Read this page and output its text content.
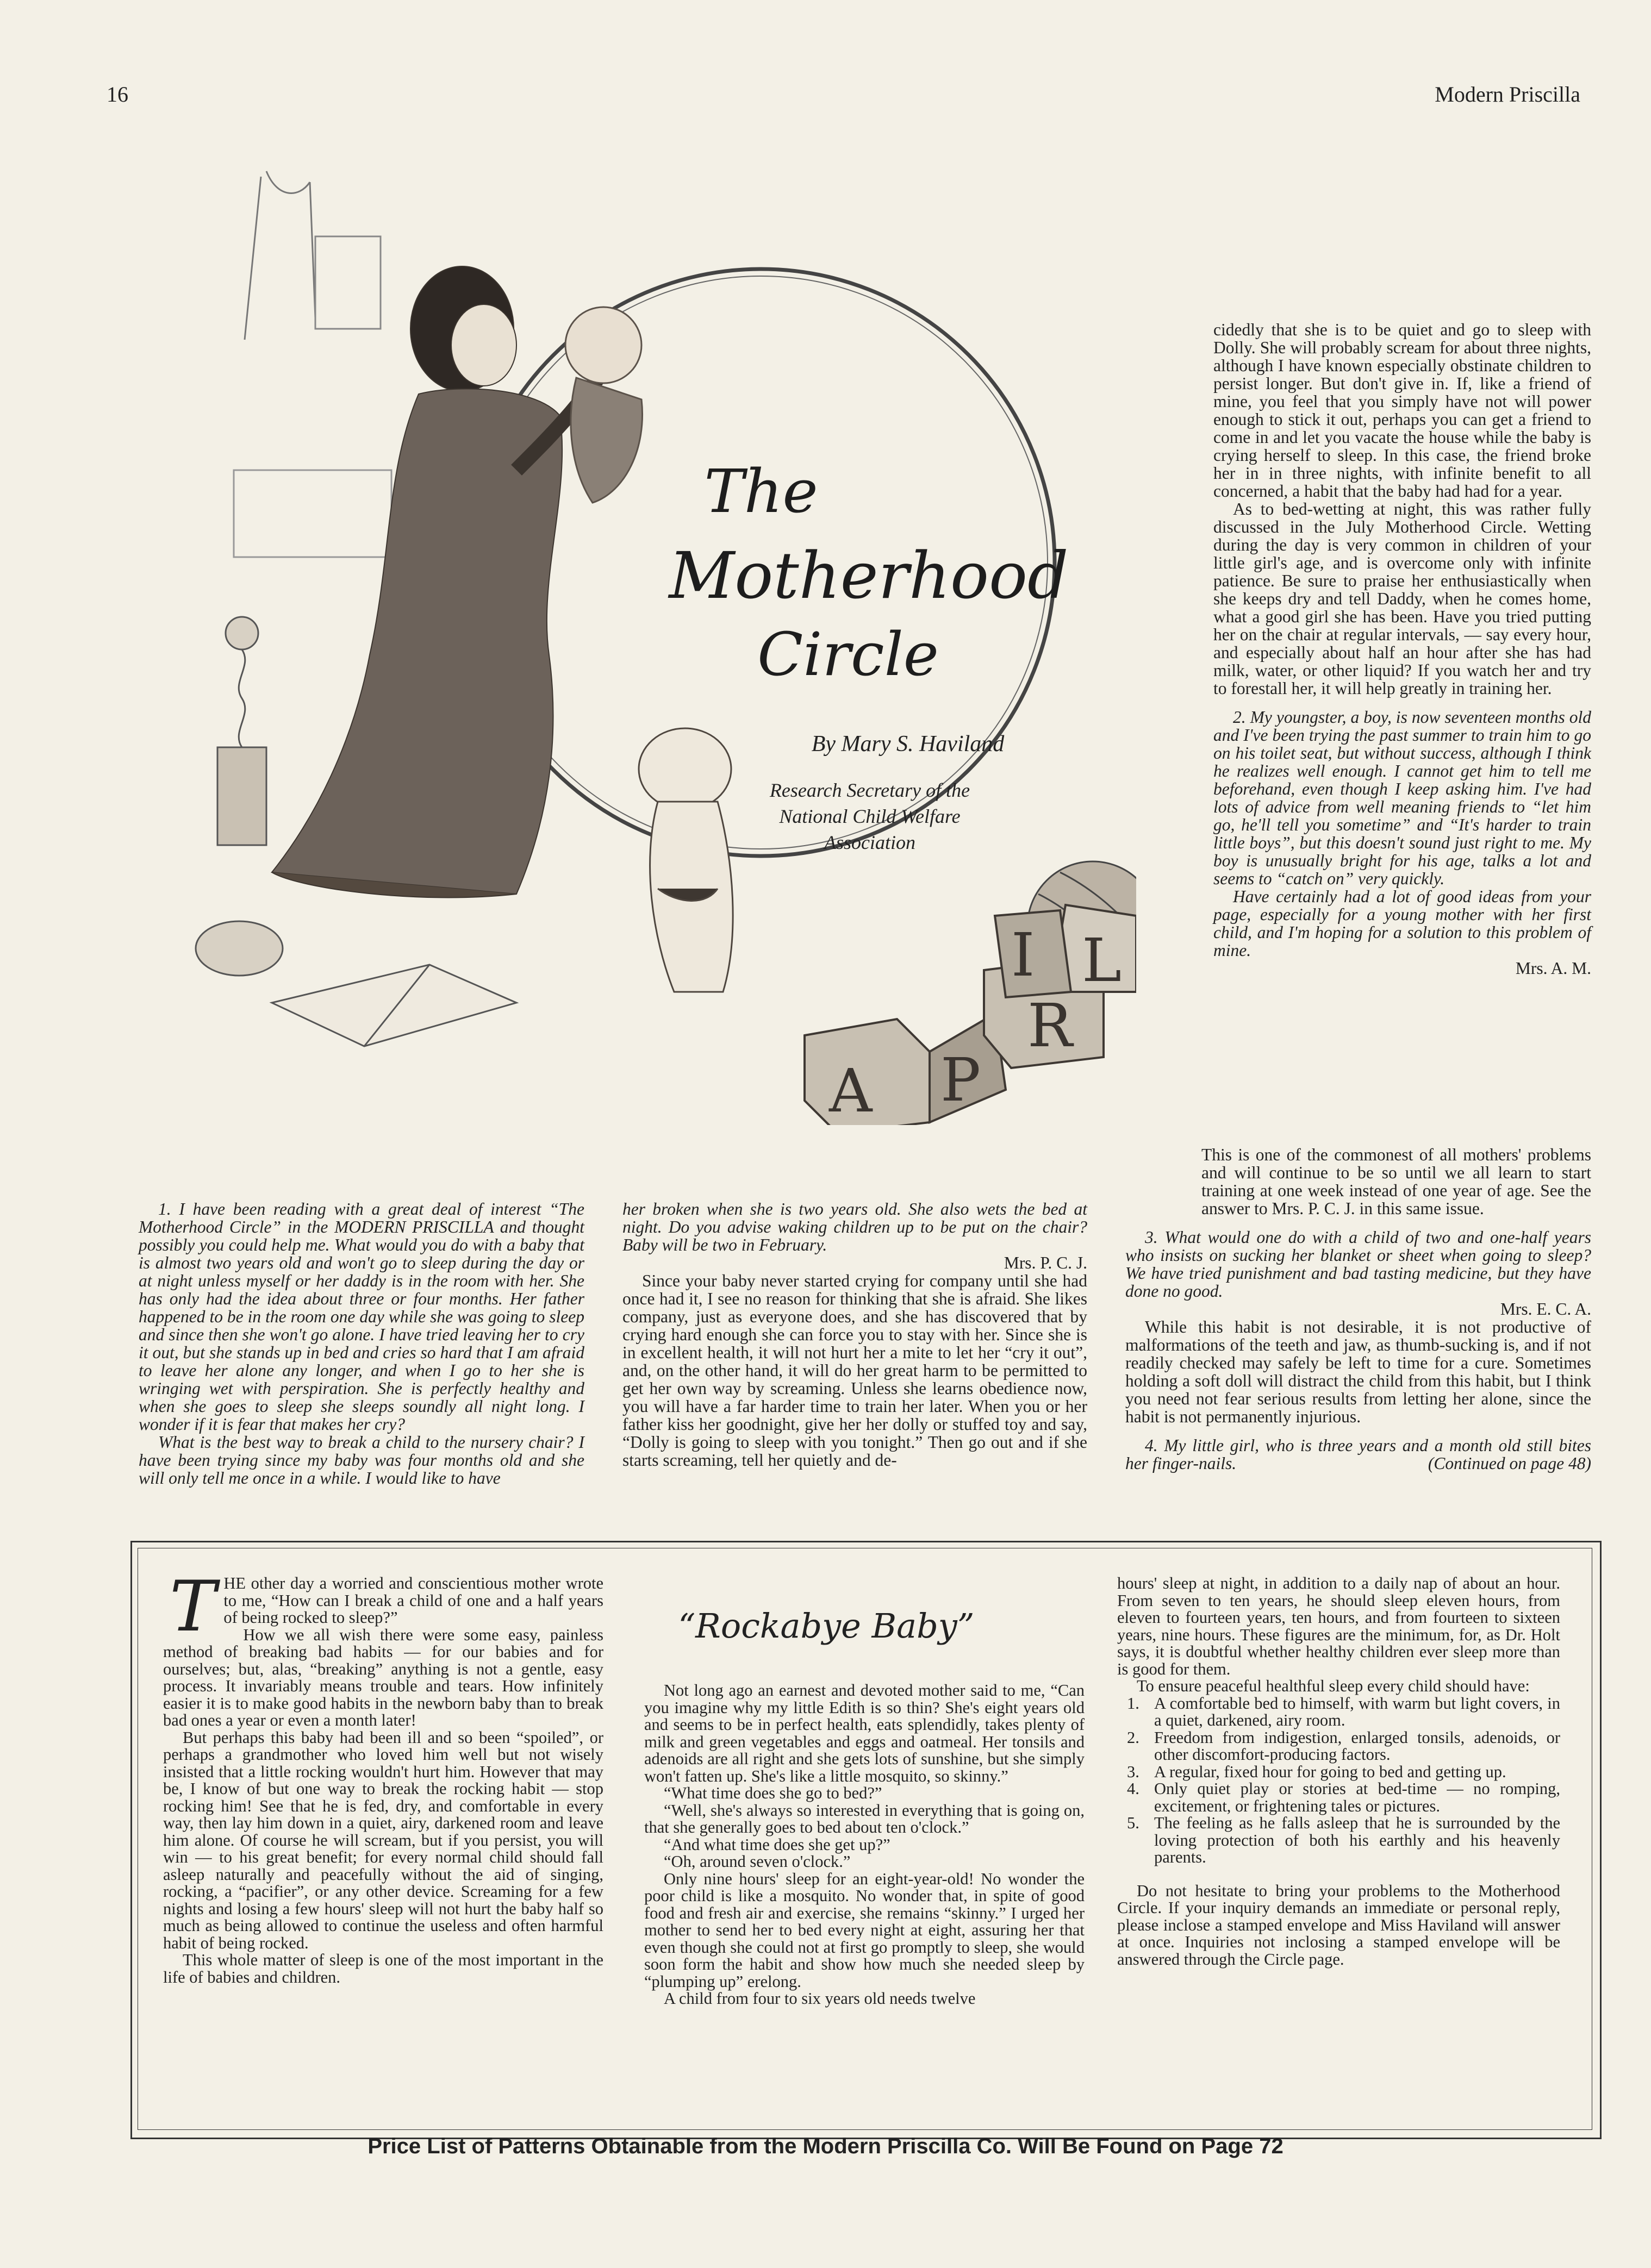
16	Modern Priscilla
A P
R
I L
The
Motherhood
Circle
By Mary S. Haviland
Research Secretary of the
National Child Welfare
Association

cidedly that she is to be quiet and go to sleep with Dolly. She will probably scream for about three nights, although I have known especially obstinate children to persist longer. But don't give in. If, like a friend of mine, you feel that you simply have not will power enough to stick it out, perhaps you can get a friend to come in and let you vacate the house while the baby is crying herself to sleep. In this case, the friend broke her in in three nights, with infinite benefit to all concerned, a habit that the baby had had for a year.

As to bed-wetting at night, this was rather fully discussed in the July Motherhood Circle. Wetting during the day is very common in children of your little girl's age, and is overcome only with infinite patience. Be sure to praise her enthusiastically when she keeps dry and tell Daddy, when he comes home, what a good girl she has been. Have you tried putting her on the chair at regular intervals, — say every hour, and especially about half an hour after she has had milk, water, or other liquid? If you watch her and try to forestall her, it will help greatly in training her.

2. My youngster, a boy, is now seventeen months old and I've been trying the past summer to train him to go on his toilet seat, but without success, although I think he realizes well enough. I cannot get him to tell me beforehand, even though I keep asking him. I've had lots of advice from well meaning friends to “let him go, he'll tell you sometime” and “It's harder to train little boys”, but this doesn't sound just right to me. My boy is unusually bright for his age, talks a lot and seems to “catch on” very quickly.

Have certainly had a lot of good ideas from your page, especially for a young mother with her first child, and I'm hoping for a solution to this problem of mine.

Mrs. A. M.

This is one of the commonest of all mothers' problems and will continue to be so until we all learn to start training at one week instead of one year of age. See the answer to Mrs. P. C. J. in this same issue.

3. What would one do with a child of two and one-half years who insists on sucking her blanket or sheet when going to sleep? We have tried punishment and bad tasting medicine, but they have done no good.

Mrs. E. C. A.

While this habit is not desirable, it is not productive of malformations of the teeth and jaw, as thumb-sucking is, and if not readily checked may safely be left to time for a cure. Sometimes holding a soft doll will distract the child from this habit, but I think you need not fear serious results from letting her alone, since the habit is not permanently injurious.

4. My little girl, who is three years and a month old still bites her finger-nails.	(Continued on page 48)

1. I have been reading with a great deal of interest “The Motherhood Circle” in the MODERN PRISCILLA and thought possibly you could help me. What would you do with a baby that is almost two years old and won't go to sleep during the day or at night unless myself or her daddy is in the room with her. She has only had the idea about three or four months. Her father happened to be in the room one day while she was going to sleep and since then she won't go alone. I have tried leaving her to cry it out, but she stands up in bed and cries so hard that I am afraid to leave her alone any longer, and when I go to her she is wringing wet with perspiration. She is perfectly healthy and when she goes to sleep she sleeps soundly all night long. I wonder if it is fear that makes her cry?

What is the best way to break a child to the nursery chair? I have been trying since my baby was four months old and she will only tell me once in a while. I would like to have

her broken when she is two years old. She also wets the bed at night. Do you advise waking children up to be put on the chair? Baby will be two in February.

Mrs. P. C. J.

Since your baby never started crying for company until she had once had it, I see no reason for thinking that she is afraid. She likes company, just as everyone does, and she has discovered that by crying hard enough she can force you to stay with her. Since she is in excellent health, it will not hurt her a mite to let her “cry it out”, and, on the other hand, it will do her great harm to be permitted to get her own way by screaming. Unless she learns obedience now, you will have a far harder time to train her later. When you or her father kiss her goodnight, give her her dolly or stuffed toy and say, “Dolly is going to sleep with you tonight.” Then go out and if she starts screaming, tell her quietly and de-

“Rockabye Baby”

THE other day a worried and conscientious mother wrote to me, “How can I break a child of one and a half years of being rocked to sleep?”

How we all wish there were some easy, painless method of breaking bad habits — for our babies and for ourselves; but, alas, “breaking” anything is not a gentle, easy process. It invariably means trouble and tears. How infinitely easier it is to make good habits in the newborn baby than to break bad ones a year or even a month later!

But perhaps this baby had been ill and so been “spoiled”, or perhaps a grandmother who loved him well but not wisely insisted that a little rocking wouldn't hurt him. However that may be, I know of but one way to break the rocking habit — stop rocking him! See that he is fed, dry, and comfortable in every way, then lay him down in a quiet, airy, darkened room and leave him alone. Of course he will scream, but if you persist, you will win — to his great benefit; for every normal child should fall asleep naturally and peacefully without the aid of singing, rocking, a “pacifier”, or any other device. Screaming for a few nights and losing a few hours' sleep will not hurt the baby half so much as being allowed to continue the useless and often harmful habit of being rocked.

This whole matter of sleep is one of the most important in the life of babies and children.

Not long ago an earnest and devoted mother said to me, “Can you imagine why my little Edith is so thin? She's eight years old and seems to be in perfect health, eats splendidly, takes plenty of milk and green vegetables and eggs and oatmeal. Her tonsils and adenoids are all right and she gets lots of sunshine, but she simply won't fatten up. She's like a little mosquito, so skinny.”

“What time does she go to bed?”

“Well, she's always so interested in everything that is going on, that she generally goes to bed about ten o'clock.”

“And what time does she get up?”

“Oh, around seven o'clock.”

Only nine hours' sleep for an eight-year-old! No wonder the poor child is like a mosquito. No wonder that, in spite of good food and fresh air and exercise, she remains “skinny.” I urged her mother to send her to bed every night at eight, assuring her that even though she could not at first go promptly to sleep, she would soon form the habit and show how much she needed sleep by “plumping up” erelong.

A child from four to six years old needs twelve

hours' sleep at night, in addition to a daily nap of about an hour. From seven to ten years, he should sleep eleven hours, from eleven to fourteen years, ten hours, and from fourteen to sixteen years, nine hours. These figures are the minimum, for, as Dr. Holt says, it is doubtful whether healthy children ever sleep more than is good for them.

To ensure peaceful healthful sleep every child should have:

1. A comfortable bed to himself, with warm but light covers, in a quiet, darkened, airy room.
2. Freedom from indigestion, enlarged tonsils, adenoids, or other discomfort-producing factors.
3. A regular, fixed hour for going to bed and getting up.
4. Only quiet play or stories at bed-time — no romping, excitement, or frightening tales or pictures.
5. The feeling as he falls asleep that he is surrounded by the loving protection of both his earthly and his heavenly parents.

Do not hesitate to bring your problems to the Motherhood Circle. If your inquiry demands an immediate or personal reply, please inclose a stamped envelope and Miss Haviland will answer at once. Inquiries not inclosing a stamped envelope will be answered through the Circle page.

Price List of Patterns Obtainable from the Modern Priscilla Co. Will Be Found on Page 72
